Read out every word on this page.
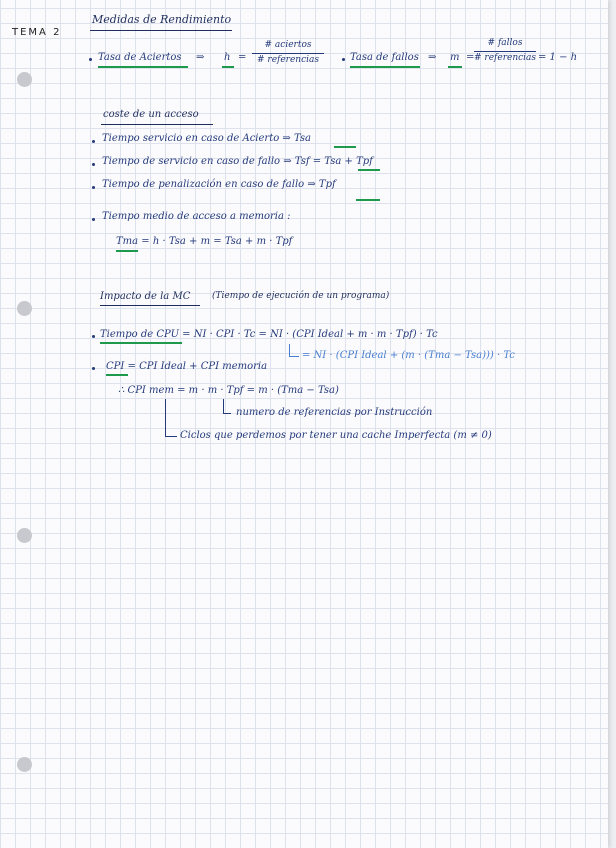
TEMA 2
Medidas de Rendimiento
Tasa de Aciertos ⇒ h =
# aciertos
# referencias	Tasa de fallos ⇒ m =
# fallos
# referencias = 1 − h
coste de un acceso
Tiempo servicio en caso de Acierto ⇒ Tsa
Tiempo de servicio en caso de fallo ⇒ Tsf = Tsa + Tpf
Tiempo de penalización en caso de fallo ⇒ Tpf
Tiempo medio de acceso a memoria :
Tma = h · Tsa + m = Tsa + m · Tpf
Impacto de la MC (Tiempo de ejecución de un programa)
Tiempo de CPU = NI · CPI · Tc = NI · (CPI Ideal + m · m · Tpf) · Tc
= NI · (CPI Ideal + (m · (Tma − Tsa))) · Tc
CPI = CPI Ideal + CPI memoria
∴ CPI mem = m · m · Tpf = m · (Tma − Tsa)
numero de referencias por Instrucción
Ciclos que perdemos por tener una cache Imperfecta (m ≠ 0)
